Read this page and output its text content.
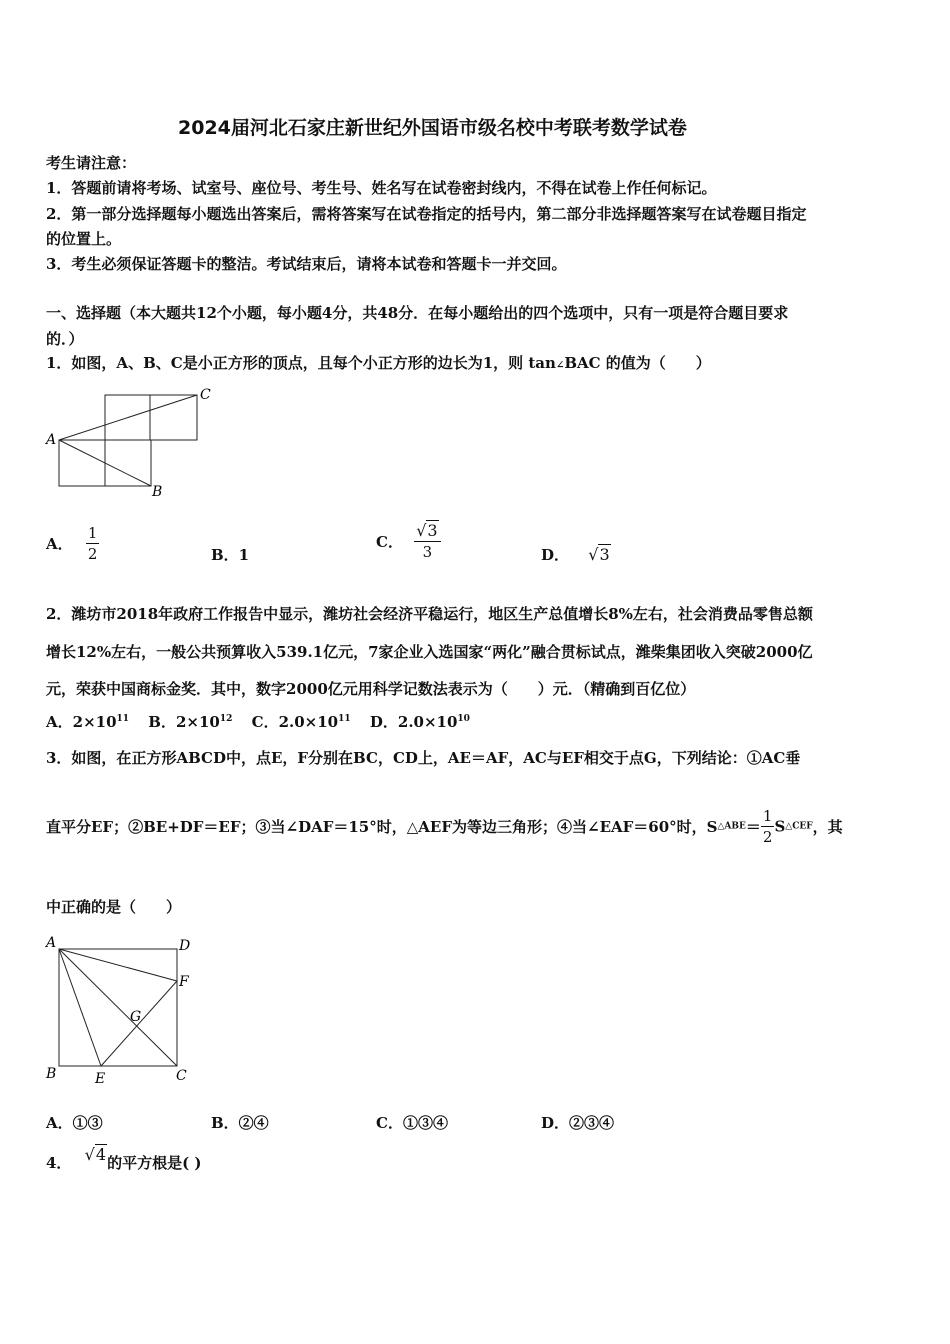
2024届河北石家庄新世纪外国语市级名校中考联考数学试卷
考生请注意：
1．答题前请将考场、试室号、座位号、考生号、姓名写在试卷密封线内，不得在试卷上作任何标记。
2．第一部分选择题每小题选出答案后，需将答案写在试卷指定的括号内，第二部分非选择题答案写在试卷题目指定
的位置上。
3．考生必须保证答题卡的整洁。考试结束后，请将本试卷和答题卡一并交回。
一、选择题（本大题共12个小题，每小题4分，共48分．在每小题给出的四个选项中，只有一项是符合题目要求
的．）
1．如图，A、B、C是小正方形的顶点，且每个小正方形的边长为1，则 tan∠BAC 的值为（　　）
A
B
C
A． $\frac{1}{2}$	B．1
C． $\frac{√3}{3}$	D． √3
2．潍坊市2018年政府工作报告中显示，潍坊社会经济平稳运行，地区生产总值增长8%左右，社会消费品零售总额
增长12%左右，一般公共预算收入539.1亿元，7家企业入选国家“两化”融合贯标试点，潍柴集团收入突破2000亿
元，荣获中国商标金奖．其中，数字2000亿元用科学记数法表示为（　　）元．（精确到百亿位）
A．$2\times 10^{11}$ B．$2\times 10^{12}$ C．$2.0\times 10^{11}$ D．$2.0\times 10^{10}$
3．如图，在正方形ABCD中，点E，F分别在BC，CD上，AE＝AF，AC与EF相交于点G，下列结论：①AC垂
直平分EF；②BE+DF＝EF；③当∠DAF＝15°时，△AEF为等边三角形；④当∠EAF＝60°时，S△ABE＝ $\frac{1}{2}$ S△CEF，其
中正确的是（　　）
A
B	C
D
E
F
G
A．①③	B．②④	C．①③④	D．②③④
4． √4的平方根是( )
